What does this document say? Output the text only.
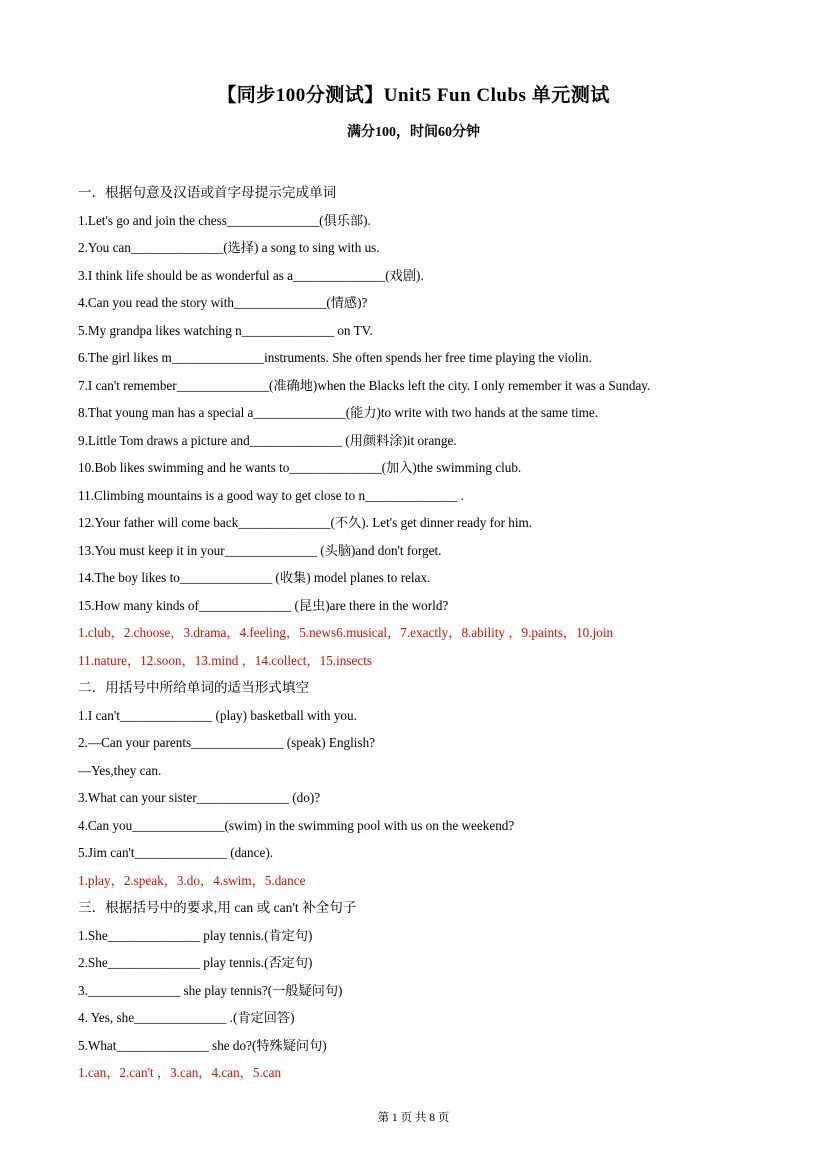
【同步100分测试】Unit5 Fun Clubs 单元测试
满分100，时间60分钟

一．根据句意及汉语或首字母提示完成单词

1.Let's go and join the chess______________(俱乐部).

2.You can______________(选择) a song to sing with us.

3.I think life should be as wonderful as a______________(戏剧).

4.Can you read the story with______________(情感)?

5.My grandpa likes watching n______________ on TV.

6.The girl likes m______________instruments. She often spends her free time playing the violin.

7.I can't remember______________(准确地)when the Blacks left the city. I only remember it was a Sunday.

8.That young man has a special a______________(能力)to write with two hands at the same time.

9.Little Tom draws a picture and______________ (用颜料涂)it orange.

10.Bob likes swimming and he wants to______________(加入)the swimming club.

11.Climbing mountains is a good way to get close to n______________ .

12.Your father will come back______________(不久). Let's get dinner ready for him.

13.You must keep it in your______________ (头脑)and don't forget.

14.The boy likes to______________ (收集) model planes to relax.

15.How many kinds of______________ (昆虫)are there in the world?

1.club，2.choose，3.drama，4.feeling，5.news6.musical，7.exactly，8.ability ，9.paints，10.join

11.nature，12.soon，13.mind ，14.collect，15.insects

二．用括号中所给单词的适当形式填空

1.I can't______________ (play) basketball with you.

2.—Can your parents______________ (speak) English?

—Yes,they can.

3.What can your sister______________ (do)?

4.Can you______________(swim) in the swimming pool with us on the weekend?

5.Jim can't______________ (dance).

1.play，2.speak，3.do，4.swim，5.dance

三．根据括号中的要求,用 can 或 can't 补全句子

1.She______________ play tennis.(肯定句)

2.She______________ play tennis.(否定句)

3.______________ she play tennis?(一般疑问句)

4. Yes, she______________ .(肯定回答)

5.What______________ she do?(特殊疑问句)

1.can，2.can't ，3.can，4.can，5.can

第 1 页 共 8 页
